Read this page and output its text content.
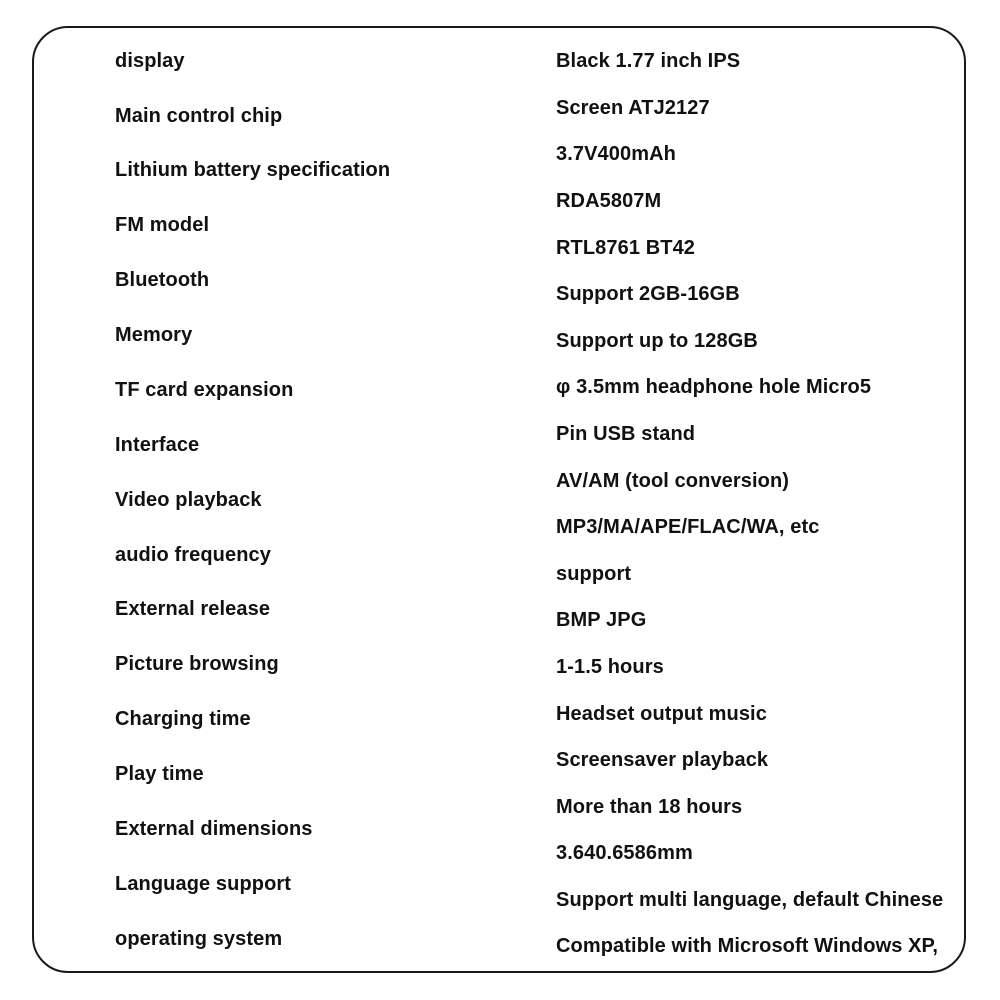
display
Main control chip
Lithium battery specification
FM model
Bluetooth
Memory
TF card expansion
Interface
Video playback
audio frequency
External release
Picture browsing
Charging time
Play time
External dimensions
Language support
operating system
Black 1.77 inch IPS
Screen ATJ2127
3.7V400mAh
RDA5807M
RTL8761 BT42
Support 2GB-16GB
Support up to 128GB
φ 3.5mm headphone hole Micro5
Pin USB stand
AV/AM (tool conversion)
MP3/MA/APE/FLAC/WA, etc
support
BMP JPG
1-1.5 hours
Headset output music
Screensaver playback
More than 18 hours
3.640.6586mm
Support multi language, default Chinese
Compatible with Microsoft Windows XP,
